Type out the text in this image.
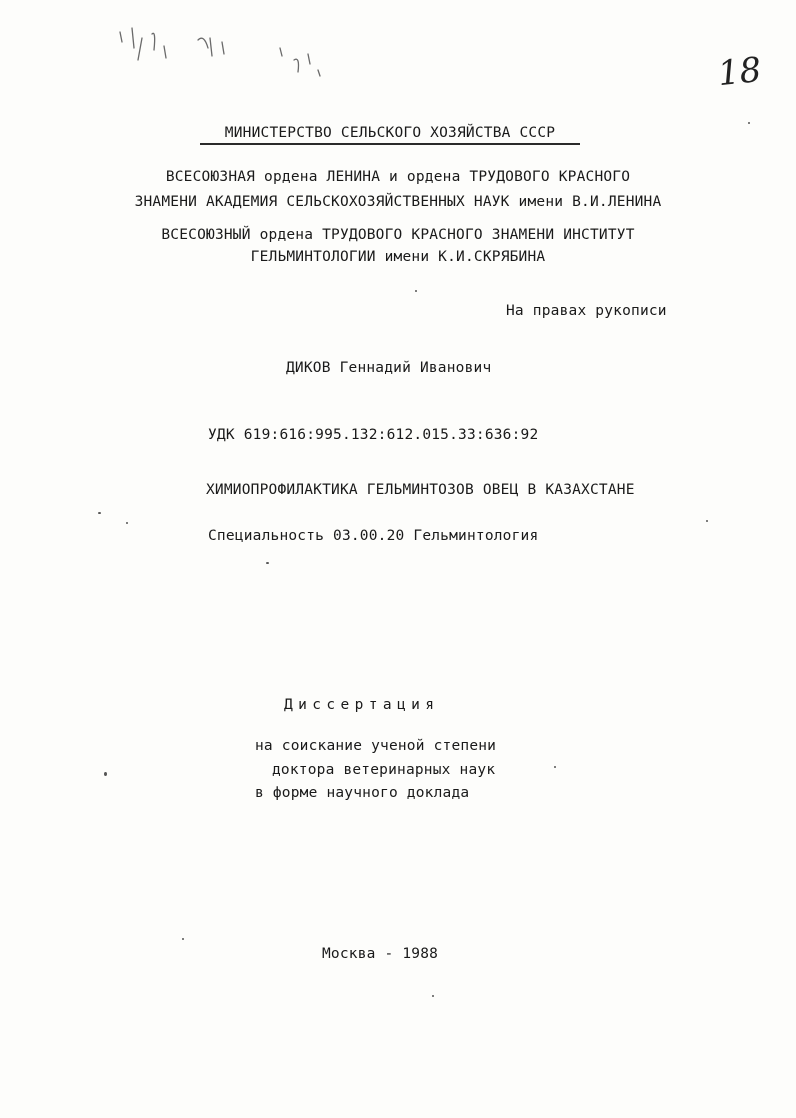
18
МИНИСТЕРСТВО СЕЛЬСКОГО ХОЗЯЙСТВА СССР
ВСЕСОЮЗНАЯ ордена ЛЕНИНА и ордена ТРУДОВОГО КРАСНОГО
ЗНАМЕНИ АКАДЕМИЯ СЕЛЬСКОХОЗЯЙСТВЕННЫХ НАУК имени В.И.ЛЕНИНА
ВСЕСОЮЗНЫЙ ордена ТРУДОВОГО КРАСНОГО ЗНАМЕНИ ИНСТИТУТ
ГЕЛЬМИНТОЛОГИИ имени К.И.СКРЯБИНА
На правах рукописи
ДИКОВ Геннадий Иванович
УДК 619:616:995.132:612.015.33:636:92
ХИМИОПРОФИЛАКТИКА ГЕЛЬМИНТОЗОВ ОВЕЦ В КАЗАХСТАНЕ
Специальность 03.00.20 Гельминтология
Диссертация
на соискание ученой степени
доктора ветеринарных наук
в форме научного доклада
Москва - 1988
